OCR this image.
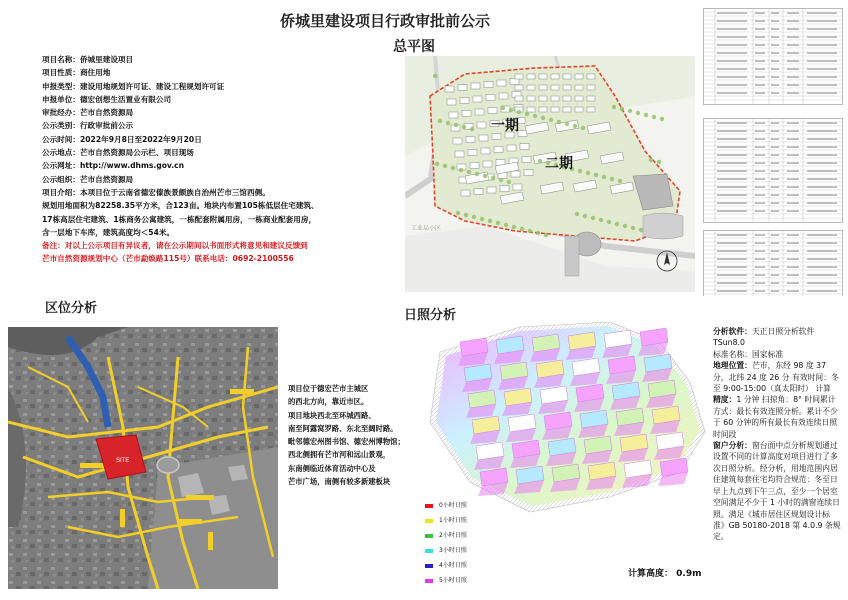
侨城里建设项目行政审批前公示
总平图
项目名称：侨城里建设项目
项目性质：商住用地
申报类型：建设用地规划许可证、建设工程规划许可证
申报单位：德宏创想生活置业有限公司
审批经办：芒市自然资源局
公示类别：行政审批前公示
公示时间：2022年9月8日至2022年9月20日
公示地点：芒市自然资源局公示栏、项目现场
公示网址：http://www.dhms.gov.cn
公示组织：芒市自然资源局
项目介绍：本项目位于云南省德宏傣族景颇族自治州芒市三馆西侧。
规划用地面积为82258.35平方米，合123亩。地块内布置105栋低层住宅建筑、
17栋高层住宅建筑、1栋商务公寓建筑，一栋配套附属用房，一栋商业配套用房，
含一层地下车库，建筑高度均＜54米。
备注：对以上公示项目有异议者，请在公示期间以书面形式将意见和建议反馈到
芒市自然资源规划中心（芒市勐焕路115号）联系电话：0692-2100556
区位分析
SITE
项目位于德宏芒市主城区
的西北方向，靠近市区。
项目地块西北至环城西路、
南至阿露窝罗路、东北至阔时路。
毗邻德宏州图书馆、德宏州博物馆；
西北侧拥有芒市河和远山景观，
东南侧临近体育活动中心及
芒市广场，南侧有较多新建板块
一期
二期
工业局小区
日照分析
0小时日照
1小时日照
2小时日照
3小时日照
4小时日照
5小时日照
计算高度： 0.9m
分析软件：天正日照分析软件TSun8.0
标准名称：国家标准
地理位置：芒市，东经 98 度 37 分，北纬 24 度 26 分 有效时间：冬至 9:00-15:00（真太阳时） 计算
精度：1 分钟 扫掠角：8° 时间累计方式：最长有效连照分析。累计不少于 60 分钟的所有最长有效连续日照时间段
窗户分析：窗台面中点分析规划通过设置不同的计算高度对项目进行了多次日照分析。经分析，用地范围内居住建筑每套住宅均符合规范：冬至日早上九点到下午三点，至少一个居室空间满足不少于 1 小时的满窗连续日照。满足《城市居住区规划设计标准》GB 50180-2018 第 4.0.9 条规定。
